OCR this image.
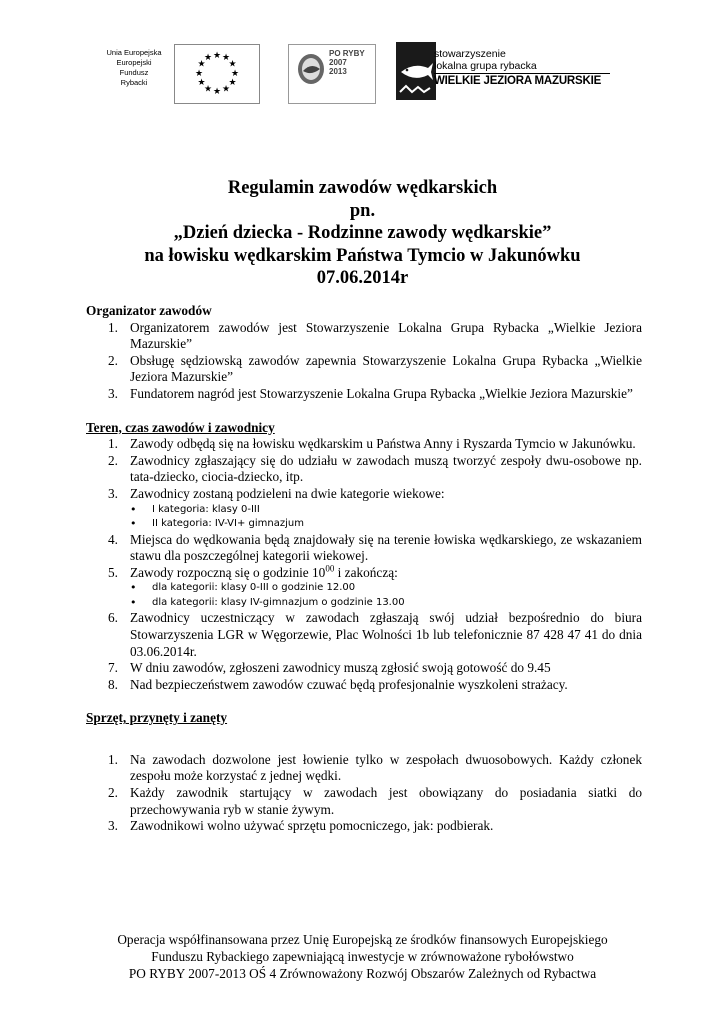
Unia Europejska
Europejski
Fundusz
Rybacki
★ ★
★
★
★
★
★
★
★
★
★
★	PO RYBY
2007
2013
stowarzyszenie
lokalna grupa rybacka
WIELKIE JEZIORA MAZURSKIE
Regulamin zawodów wędkarskich
pn.
„Dzień dziecka - Rodzinne zawody wędkarskie”
na łowisku wędkarskim Państwa Tymcio w Jakunówku
07.06.2014r

Organizator zawodów

1. Organizatorem zawodów jest Stowarzyszenie Lokalna Grupa Rybacka „Wielkie Jeziora Mazurskie”
2. Obsługę sędziowską zawodów zapewnia Stowarzyszenie Lokalna Grupa Rybacka „Wielkie Jeziora Mazurskie”
3. Fundatorem nagród jest Stowarzyszenie Lokalna Grupa Rybacka „Wielkie Jeziora Mazurskie”

Teren, czas zawodów i zawodnicy

1. Zawody odbędą się na łowisku wędkarskim u Państwa Anny i Ryszarda Tymcio w Jakunówku.
2. Zawodnicy zgłaszający się do udziału w zawodach muszą tworzyć zespoły dwu-osobowe np. tata-dziecko, ciocia-dziecko, itp.
3. Zawodnicy zostaną podzieleni na dwie kategorie wiekowe:
• I kategoria: klasy 0-III
• II kategoria: IV-VI+ gimnazjum
4. Miejsca do wędkowania będą znajdowały się na terenie łowiska wędkarskiego, ze wskazaniem stawu dla poszczególnej kategorii wiekowej.
5. Zawody rozpoczną się o godzinie $10^{00}$ i zakończą:
• dla kategorii: klasy 0-III o godzinie 12.00
• dla kategorii: klasy IV-gimnazjum o godzinie 13.00
6. Zawodnicy uczestniczący w zawodach zgłaszają swój udział bezpośrednio do biura Stowarzyszenia LGR w Węgorzewie, Plac Wolności 1b lub telefonicznie 87 428 47 41 do dnia 03.06.2014r.
7. W dniu zawodów, zgłoszeni zawodnicy muszą zgłosić swoją gotowość do 9.45
8. Nad bezpieczeństwem zawodów czuwać będą profesjonalnie wyszkoleni strażacy.

Sprzęt, przynęty i zanęty

1. Na zawodach dozwolone jest łowienie tylko w zespołach dwuosobowych. Każdy członek zespołu może korzystać z jednej wędki.
2. Każdy zawodnik startujący w zawodach jest obowiązany do posiadania siatki do przechowywania ryb w stanie żywym.
3. Zawodnikowi wolno używać sprzętu pomocniczego, jak: podbierak.
Operacja współfinansowana przez Unię Europejską ze środków finansowych Europejskiego
Funduszu Rybackiego zapewniającą inwestycje w zrównoważone rybołówstwo
PO RYBY 2007-2013 OŚ 4 Zrównoważony Rozwój Obszarów Zależnych od Rybactwa
